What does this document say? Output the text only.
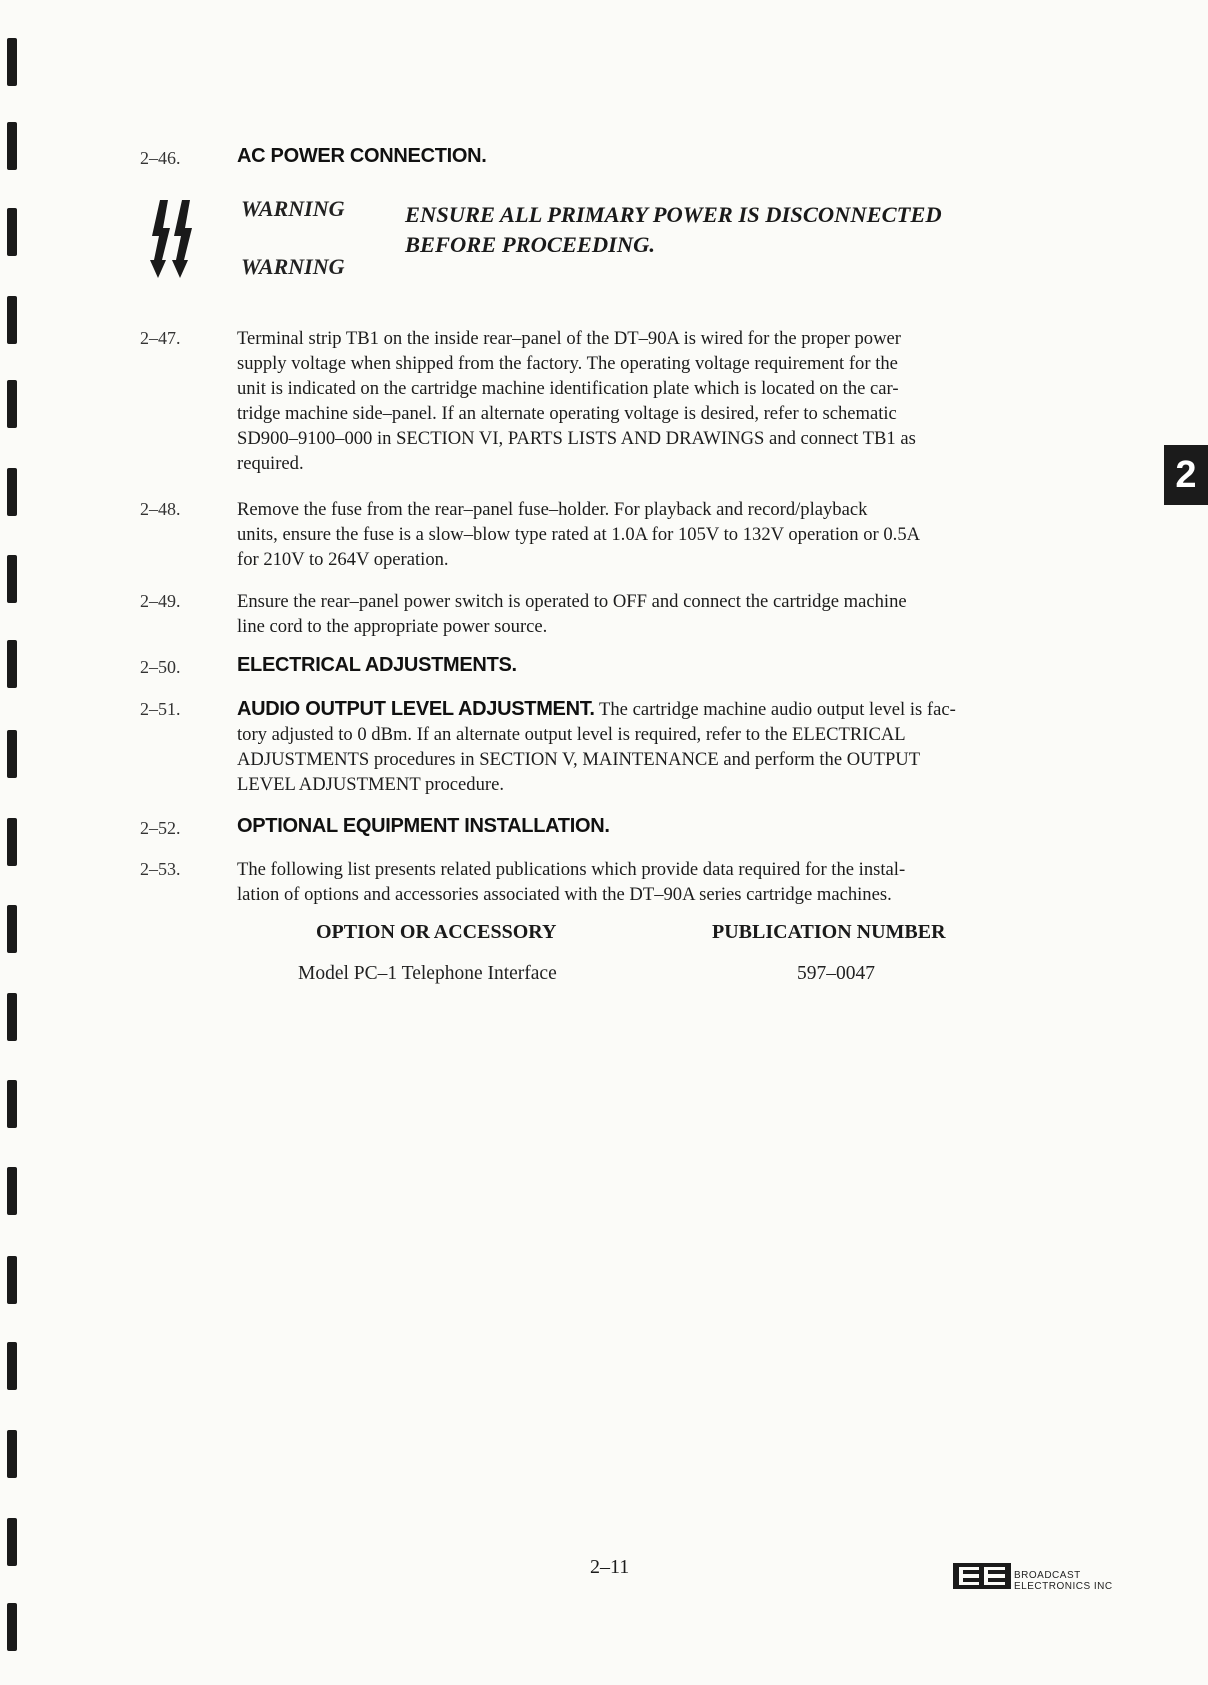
2
2–46.	AC POWER CONNECTION.
WARNING
WARNING
ENSURE ALL PRIMARY POWER IS DISCONNECTED
BEFORE PROCEEDING.
2–47.	Terminal strip TB1 on the inside rear–panel of the DT–90A is wired for the proper power
supply voltage when shipped from the factory. The operating voltage requirement for the
unit is indicated on the cartridge machine identification plate which is located on the car-
tridge machine side–panel. If an alternate operating voltage is desired, refer to schematic
SD900–9100–000 in SECTION VI, PARTS LISTS AND DRAWINGS and connect TB1 as
required.
2–48.	Remove the fuse from the rear–panel fuse–holder. For playback and record/playback
units, ensure the fuse is a slow–blow type rated at 1.0A for 105V to 132V operation or 0.5A
for 210V to 264V operation.
2–49.	Ensure the rear–panel power switch is operated to OFF and connect the cartridge machine
line cord to the appropriate power source.
2–50.	ELECTRICAL ADJUSTMENTS.
2–51.	AUDIO OUTPUT LEVEL ADJUSTMENT. The cartridge machine audio output level is fac-
tory adjusted to 0 dBm. If an alternate output level is required, refer to the ELECTRICAL
ADJUSTMENTS procedures in SECTION V, MAINTENANCE and perform the OUTPUT
LEVEL ADJUSTMENT procedure.
2–52.	OPTIONAL EQUIPMENT INSTALLATION.
2–53.	The following list presents related publications which provide data required for the instal-
lation of options and accessories associated with the DT–90A series cartridge machines.
OPTION OR ACCESSORY	PUBLICATION NUMBER
Model PC–1 Telephone Interface	597–0047
2–11	BROADCAST
ELECTRONICS INC
